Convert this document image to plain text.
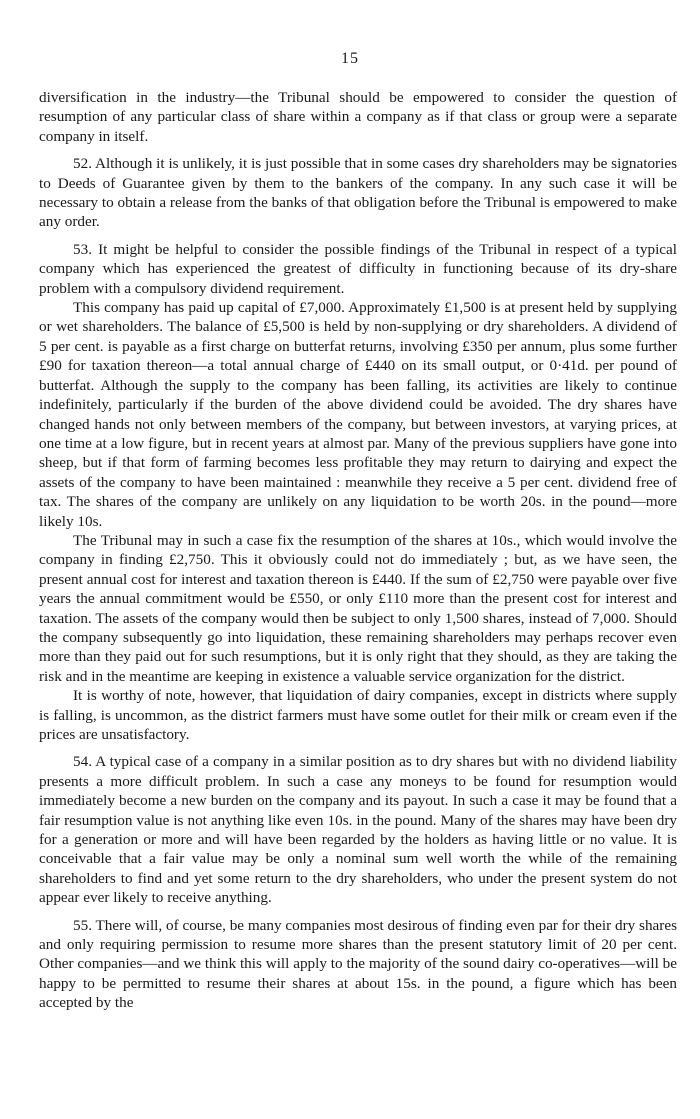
15

diversification in the industry—the Tribunal should be empowered to consider the question of resumption of any particular class of share within a company as if that class or group were a separate company in itself.

52. Although it is unlikely, it is just possible that in some cases dry shareholders may be signatories to Deeds of Guarantee given by them to the bankers of the company. In any such case it will be necessary to obtain a release from the banks of that obligation before the Tribunal is empowered to make any order.

53. It might be helpful to consider the possible findings of the Tribunal in respect of a typical company which has experienced the greatest of difficulty in functioning because of its dry-share problem with a compulsory dividend requirement.

This company has paid up capital of £7,000. Approximately £1,500 is at present held by supplying or wet shareholders. The balance of £5,500 is held by non-supplying or dry shareholders. A dividend of 5 per cent. is payable as a first charge on butterfat returns, involving £350 per annum, plus some further £90 for taxation thereon—a total annual charge of £440 on its small output, or 0·41d. per pound of butterfat. Although the supply to the company has been falling, its activities are likely to continue indefinitely, particularly if the burden of the above dividend could be avoided. The dry shares have changed hands not only between members of the company, but between investors, at varying prices, at one time at a low figure, but in recent years at almost par. Many of the previous suppliers have gone into sheep, but if that form of farming becomes less profitable they may return to dairying and expect the assets of the company to have been maintained : meanwhile they receive a 5 per cent. dividend free of tax. The shares of the company are unlikely on any liquidation to be worth 20s. in the pound—more likely 10s.

The Tribunal may in such a case fix the resumption of the shares at 10s., which would involve the company in finding £2,750. This it obviously could not do immediately ; but, as we have seen, the present annual cost for interest and taxation thereon is £440. If the sum of £2,750 were payable over five years the annual commitment would be £550, or only £110 more than the present cost for interest and taxation. The assets of the company would then be subject to only 1,500 shares, instead of 7,000. Should the company subsequently go into liquidation, these remaining shareholders may perhaps recover even more than they paid out for such resumptions, but it is only right that they should, as they are taking the risk and in the meantime are keeping in existence a valuable service organization for the district.

It is worthy of note, however, that liquidation of dairy companies, except in districts where supply is falling, is uncommon, as the district farmers must have some outlet for their milk or cream even if the prices are unsatisfactory.

54. A typical case of a company in a similar position as to dry shares but with no dividend liability presents a more difficult problem. In such a case any moneys to be found for resumption would immediately become a new burden on the company and its payout. In such a case it may be found that a fair resumption value is not anything like even 10s. in the pound. Many of the shares may have been dry for a generation or more and will have been regarded by the holders as having little or no value. It is conceivable that a fair value may be only a nominal sum well worth the while of the remaining shareholders to find and yet some return to the dry shareholders, who under the present system do not appear ever likely to receive anything.

55. There will, of course, be many companies most desirous of finding even par for their dry shares and only requiring permission to resume more shares than the present statutory limit of 20 per cent. Other companies—and we think this will apply to the majority of the sound dairy co-operatives—will be happy to be permitted to resume their shares at about 15s. in the pound, a figure which has been accepted by the
